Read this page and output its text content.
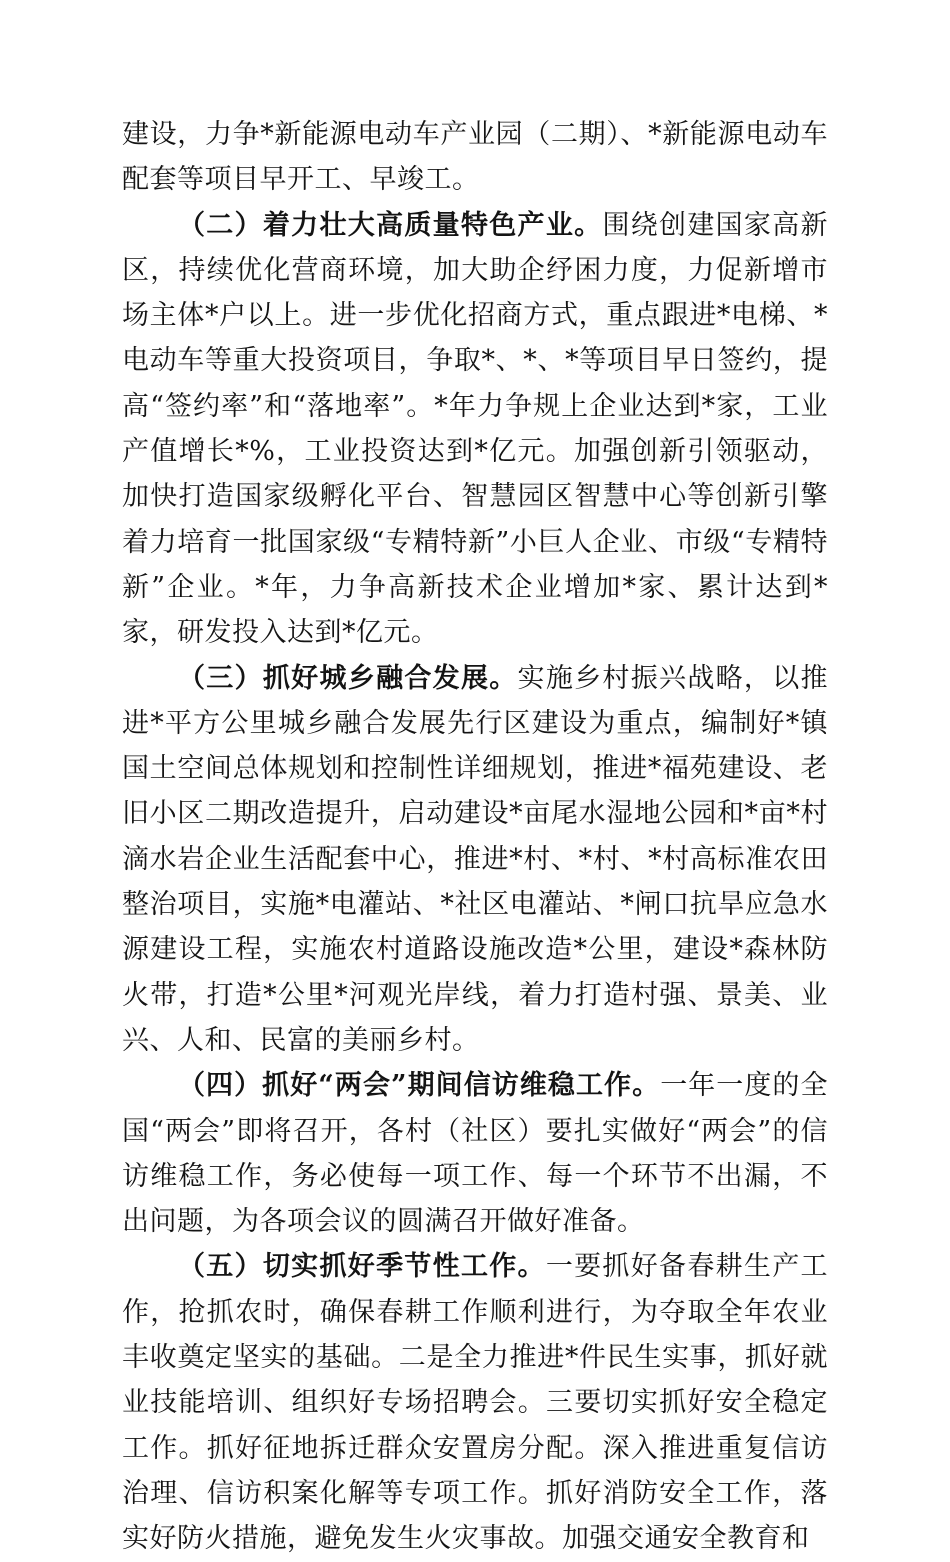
建设，力争*新能源电动车产业园（二期）、*新能源电动车配套等项目早开工、早竣工。

（二）着力壮大高质量特色产业。围绕创建国家高新区，持续优化营商环境，加大助企纾困力度，力促新增市场主体*户以上。进一步优化招商方式，重点跟进*电梯、*电动车等重大投资项目，争取*、*、*等项目早日签约，提高“签约率”和“落地率”。*年力争规上企业达到*家，工业产值增长*%，工业投资达到*亿元。加强创新引领驱动，加快打造国家级孵化平台、智慧园区智慧中心等创新引擎着力培育一批国家级“专精特新”小巨人企业、市级“专精特新”企业。*年，力争高新技术企业增加*家、累计达到*家，研发投入达到*亿元。

（三）抓好城乡融合发展。实施乡村振兴战略，以推进*平方公里城乡融合发展先行区建设为重点，编制好*镇国土空间总体规划和控制性详细规划，推进*福苑建设、老旧小区二期改造提升，启动建设*亩尾水湿地公园和*亩*村滴水岩企业生活配套中心，推进*村、*村、*村高标准农田整治项目，实施*电灌站、*社区电灌站、*闸口抗旱应急水源建设工程，实施农村道路设施改造*公里，建设*森林防火带，打造*公里*河观光岸线，着力打造村强、景美、业兴、人和、民富的美丽乡村。

（四）抓好“两会”期间信访维稳工作。一年一度的全国“两会”即将召开，各村（社区）要扎实做好“两会”的信访维稳工作，务必使每一项工作、每一个环节不出漏，不出问题，为各项会议的圆满召开做好准备。

（五）切实抓好季节性工作。一要抓好备春耕生产工作，抢抓农时，确保春耕工作顺利进行，为夺取全年农业丰收奠定坚实的基础。二是全力推进*件民生实事，抓好就业技能培训、组织好专场招聘会。三要切实抓好安全稳定工作。抓好征地拆迁群众安置房分配。深入推进重复信访治理、信访积案化解等专项工作。抓好消防安全工作，落实好防火措施，避免发生火灾事故。加强交通安全教育和
